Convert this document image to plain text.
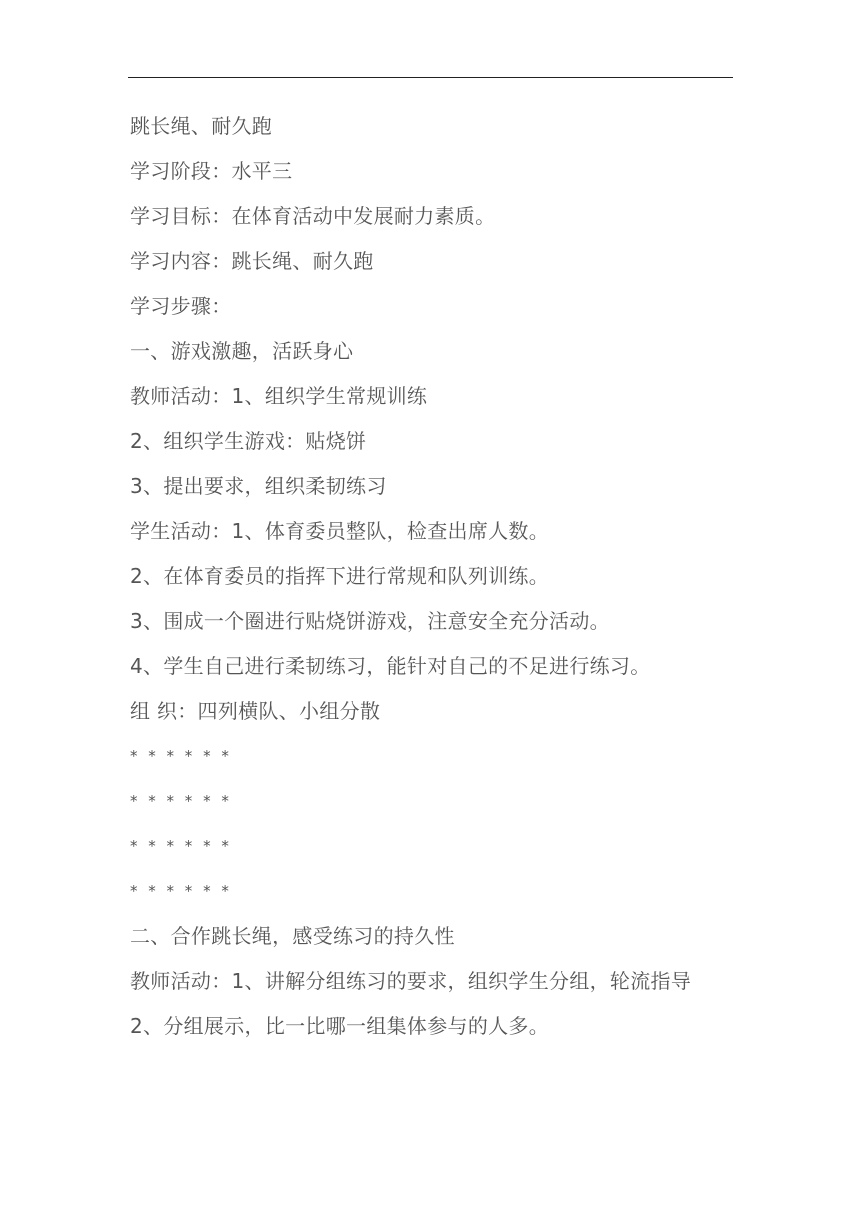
跳长绳、耐久跑
学习阶段：水平三
学习目标：在体育活动中发展耐力素质。
学习内容：跳长绳、耐久跑
学习步骤：
一、游戏激趣，活跃身心
教师活动：1、组织学生常规训练
2、组织学生游戏：贴烧饼
3、提出要求，组织柔韧练习
学生活动：1、体育委员整队，检查出席人数。
2、在体育委员的指挥下进行常规和队列训练。
3、围成一个圈进行贴烧饼游戏，注意安全充分活动。
4、学生自己进行柔韧练习，能针对自己的不足进行练习。
组 织：四列横队、小组分散
* * * * * *
* * * * * *
* * * * * *
* * * * * *
二、合作跳长绳，感受练习的持久性
教师活动：1、讲解分组练习的要求，组织学生分组，轮流指导
2、分组展示，比一比哪一组集体参与的人多。
